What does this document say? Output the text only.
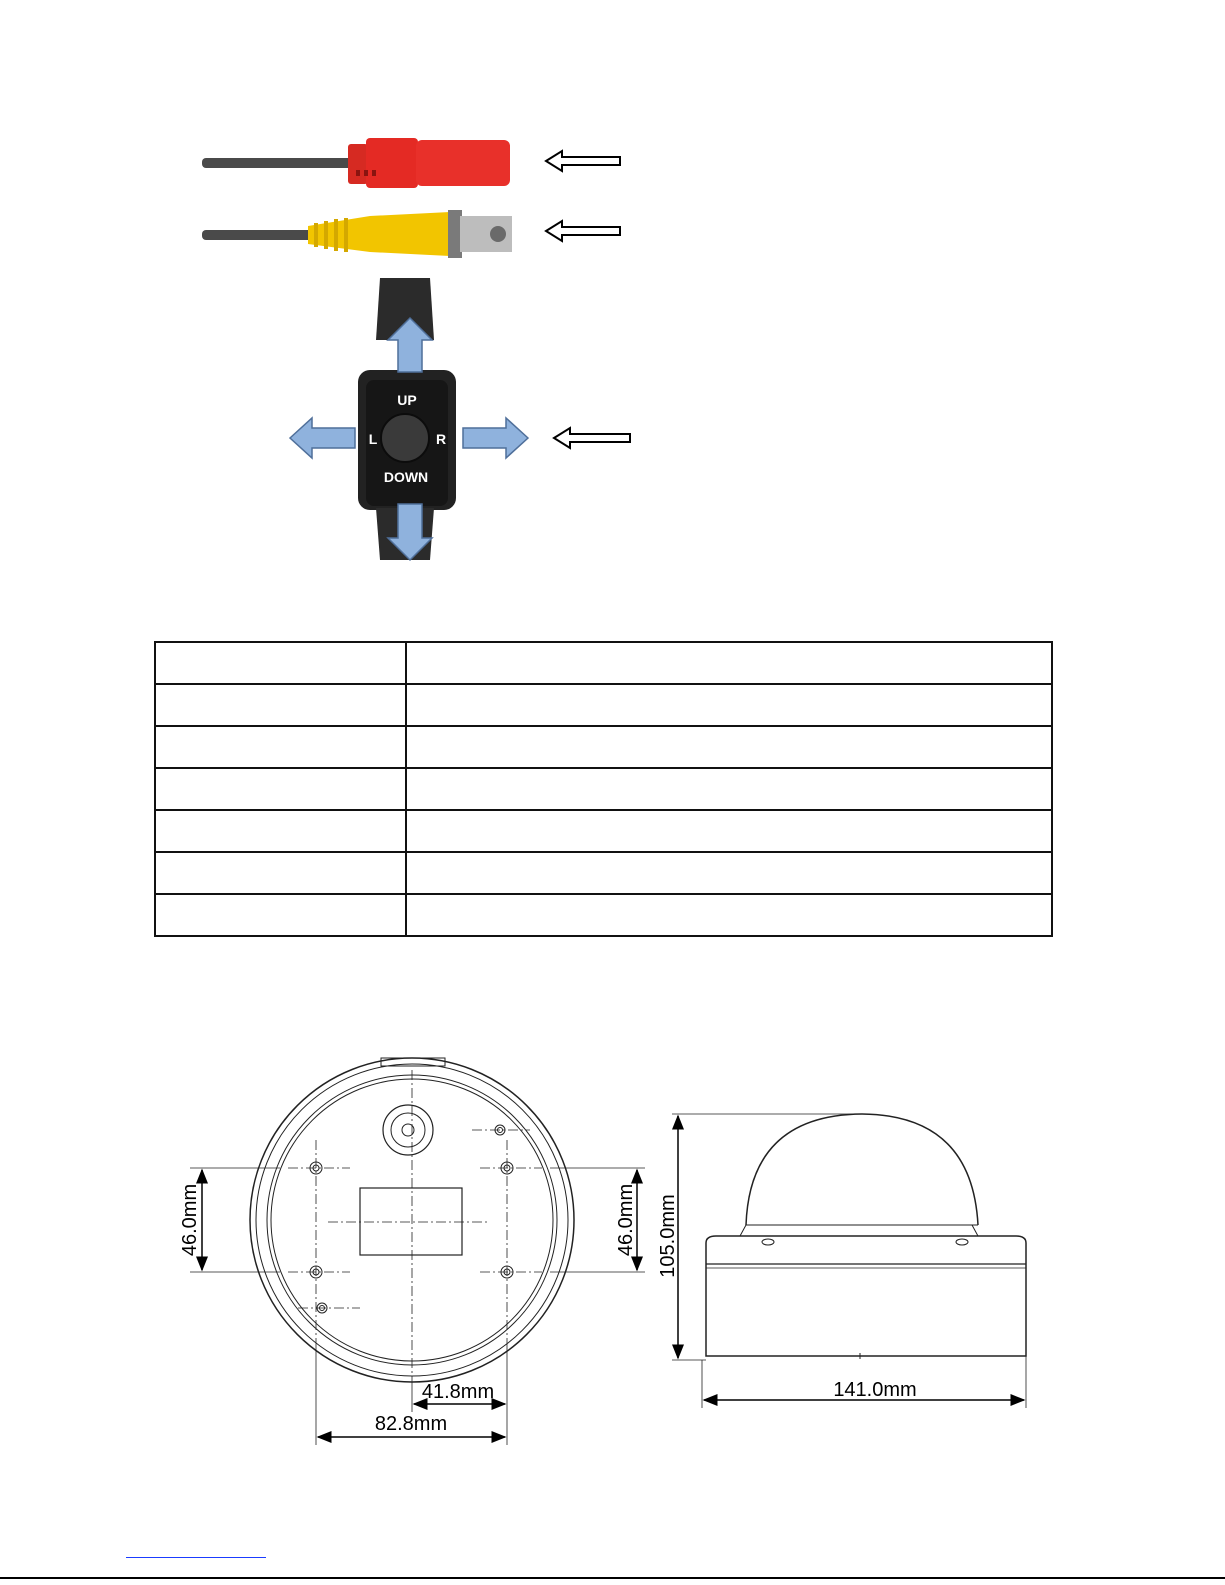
UP
DOWN
L	R

46.0mm	46.0mm
41.8mm
82.8mm
105.0mm
141.0mm
